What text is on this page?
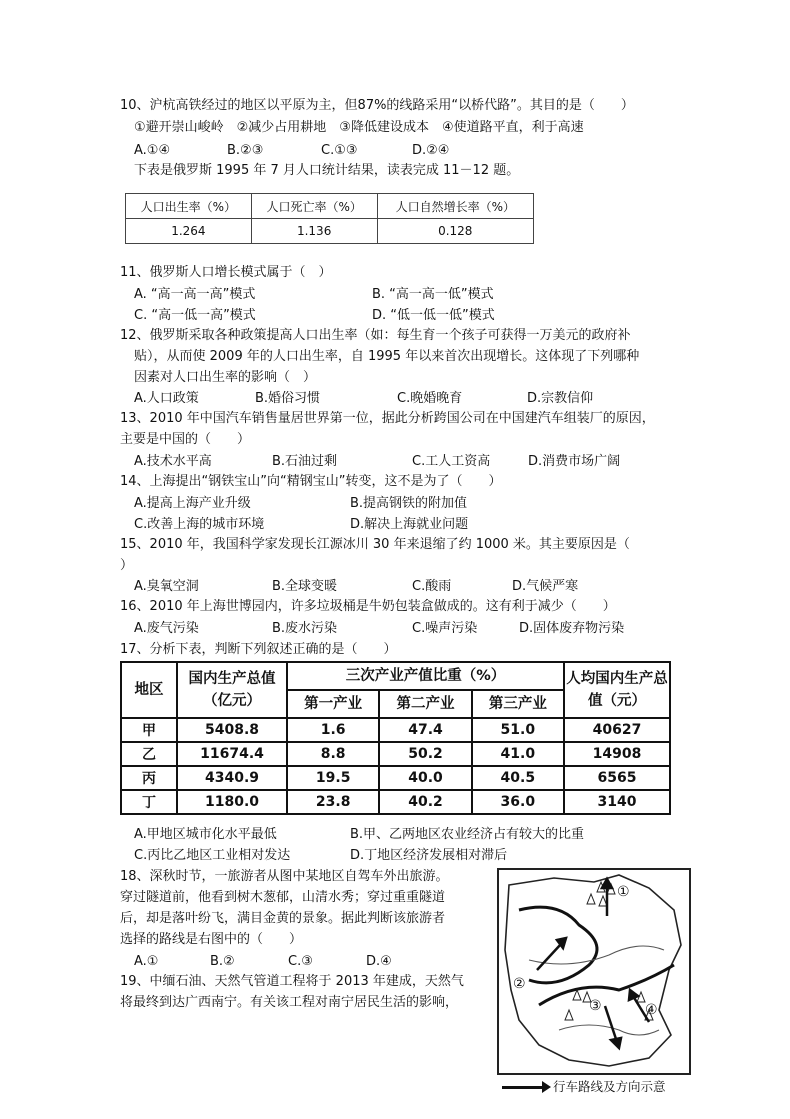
10、沪杭高铁经过的地区以平原为主，但87%的线路采用“以桥代路”。其目的是（　　）
①避开崇山峻岭　②减少占用耕地　③降低建设成本　④使道路平直，利于高速
A.①④	B.②③	C.①③	D.②④
下表是俄罗斯 1995 年 7 月人口统计结果，读表完成 11－12 题。
人口出生率（%）	人口死亡率（%）	人口自然增长率（%）
1.264	1.136	0.128
11、俄罗斯人口增长模式属于（　）
A. “高一高一高”模式	B. “高一高一低”模式
C. “高一低一高”模式	D. “低一低一低”模式
12、俄罗斯采取各种政策提高人口出生率（如：每生育一个孩子可获得一万美元的政府补
贴），从而使 2009 年的人口出生率，自 1995 年以来首次出现增长。这体现了下列哪种
因素对人口出生率的影响（　）
A.人口政策	B.婚俗习惯	C.晚婚晚育	D.宗教信仰
13、2010 年中国汽车销售量居世界第一位，据此分析跨国公司在中国建汽车组装厂的原因，
主要是中国的（　　）
A.技术水平高	B.石油过剩	C.工人工资高	D.消费市场广阔
14、上海提出“钢铁宝山”向“精钢宝山”转变，这不是为了（　　）
A.提高上海产业升级	B.提高钢铁的附加值
C.改善上海的城市环境	D.解决上海就业问题
15、2010 年，我国科学家发现长江源冰川 30 年来退缩了约 1000 米。其主要原因是（
）
A.臭氧空洞	B.全球变暖	C.酸雨	D.气候严寒
16、2010 年上海世博园内，许多垃圾桶是牛奶包装盒做成的。这有利于减少（　　）
A.废气污染	B.废水污染	C.噪声污染	D.固体废弃物污染
17、分析下表，判断下列叙述正确的是（　　）
地区	国内生产总值（亿元）	三次产业产值比重（%）			人均国内生产总值（元）
		第一产业	第二产业	第三产业	
甲	5408.8	1.6	47.4	51.0	40627
乙	11674.4	8.8	50.2	41.0	14908
丙	4340.9	19.5	40.0	40.5	6565
丁	1180.0	23.8	40.2	36.0	3140
A.甲地区城市化水平最低	B.甲、乙两地区农业经济占有较大的比重
C.丙比乙地区工业相对发达	D.丁地区经济发展相对滞后
18、深秋时节，一旅游者从图中某地区自驾车外出旅游。
穿过隧道前，他看到树木葱郁，山清水秀；穿过重重隧道
后，却是落叶纷飞，满目金黄的景象。据此判断该旅游者
选择的路线是右图中的（　　）
A.①	B.②	C.③	D.④
19、中缅石油、天然气管道工程将于 2013 年建成，天然气
将最终到达广西南宁。有关该工程对南宁居民生活的影响，
①
②
③	④
行车路线及方向示意
